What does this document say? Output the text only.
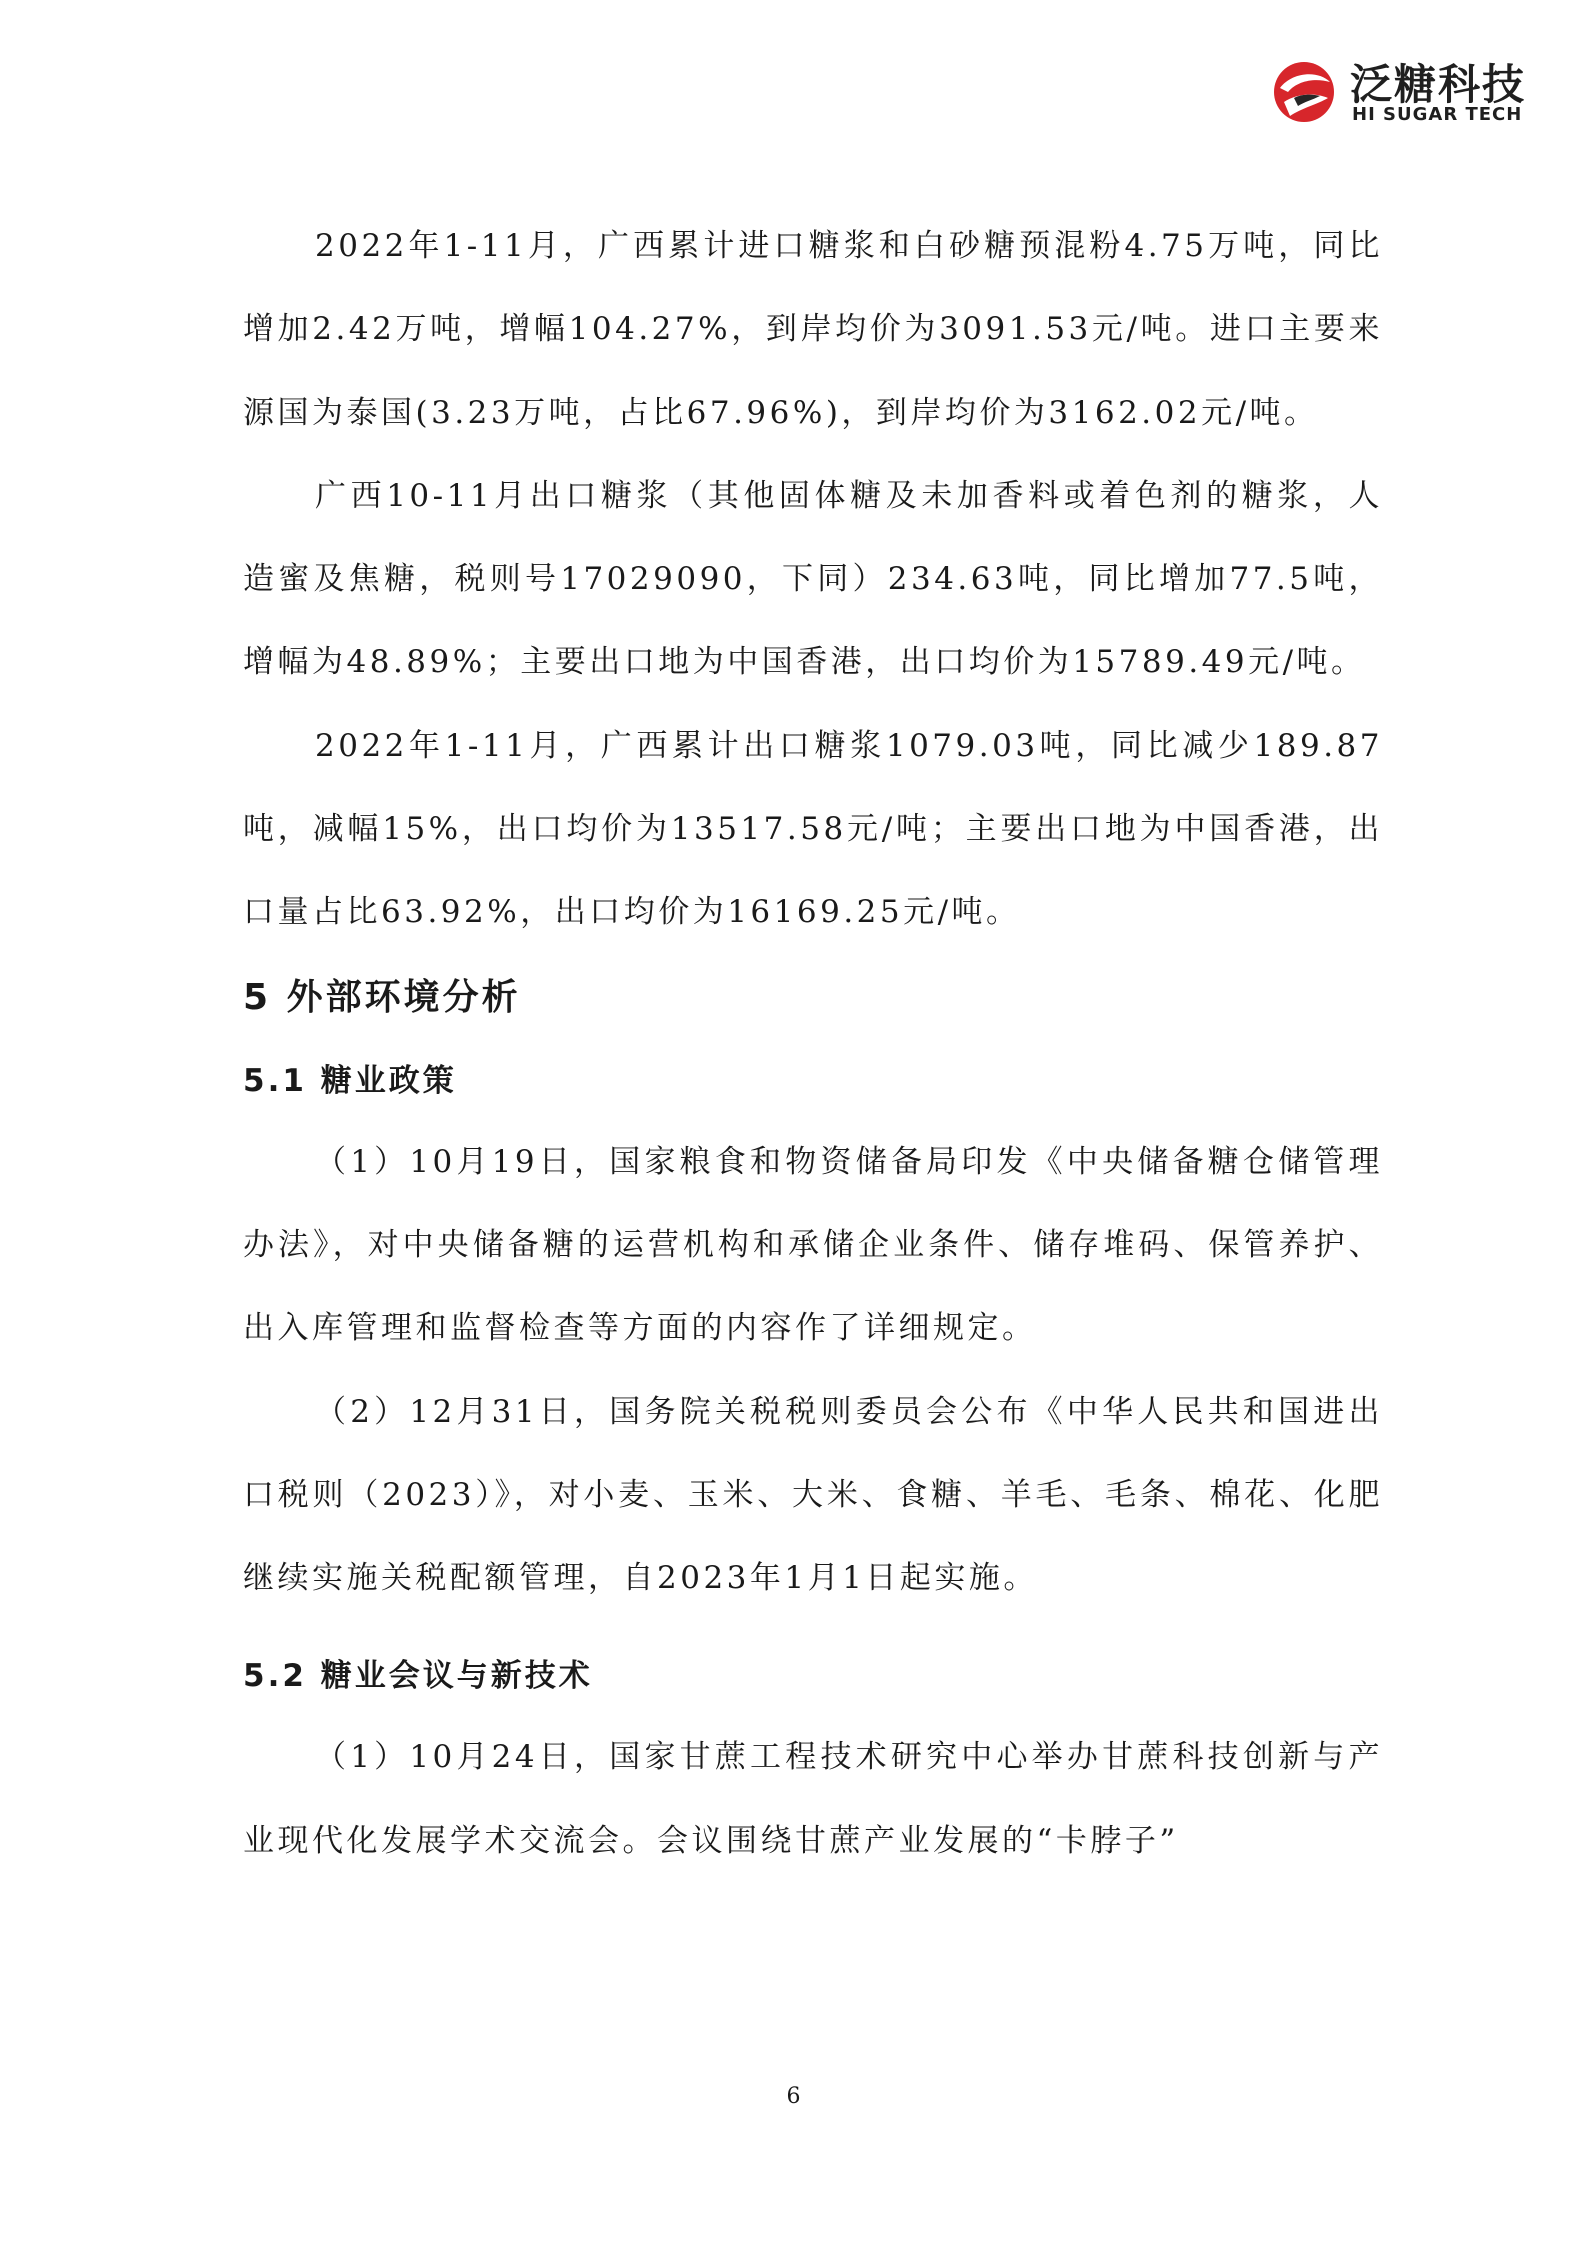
泛糖科技
HI SUGAR TECH

2022年1-11月，广西累计进口糖浆和白砂糖预混粉4.75万吨，同比增加2.42万吨，增幅104.27%，到岸均价为3091.53元/吨。进口主要来源国为泰国(3.23万吨，占比67.96%)，到岸均价为3162.02元/吨。

广西10-11月出口糖浆（其他固体糖及未加香料或着色剂的糖浆，人造蜜及焦糖，税则号17029090，下同）234.63吨，同比增加77.5吨，增幅为48.89%；主要出口地为中国香港，出口均价为15789.49元/吨。

2022年1-11月，广西累计出口糖浆1079.03吨，同比减少189.87吨，减幅15%，出口均价为13517.58元/吨；主要出口地为中国香港，出口量占比63.92%，出口均价为16169.25元/吨。

5 外部环境分析
5.1 糖业政策

（1）10月19日，国家粮食和物资储备局印发《中央储备糖仓储管理办法》，对中央储备糖的运营机构和承储企业条件、储存堆码、保管养护、出入库管理和监督检查等方面的内容作了详细规定。

（2）12月31日，国务院关税税则委员会公布《中华人民共和国进出口税则（2023）》，对小麦、玉米、大米、食糖、羊毛、毛条、棉花、化肥继续实施关税配额管理，自2023年1月1日起实施。

5.2 糖业会议与新技术

（1）10月24日，国家甘蔗工程技术研究中心举办甘蔗科技创新与产业现代化发展学术交流会。会议围绕甘蔗产业发展的“卡脖子”

6
